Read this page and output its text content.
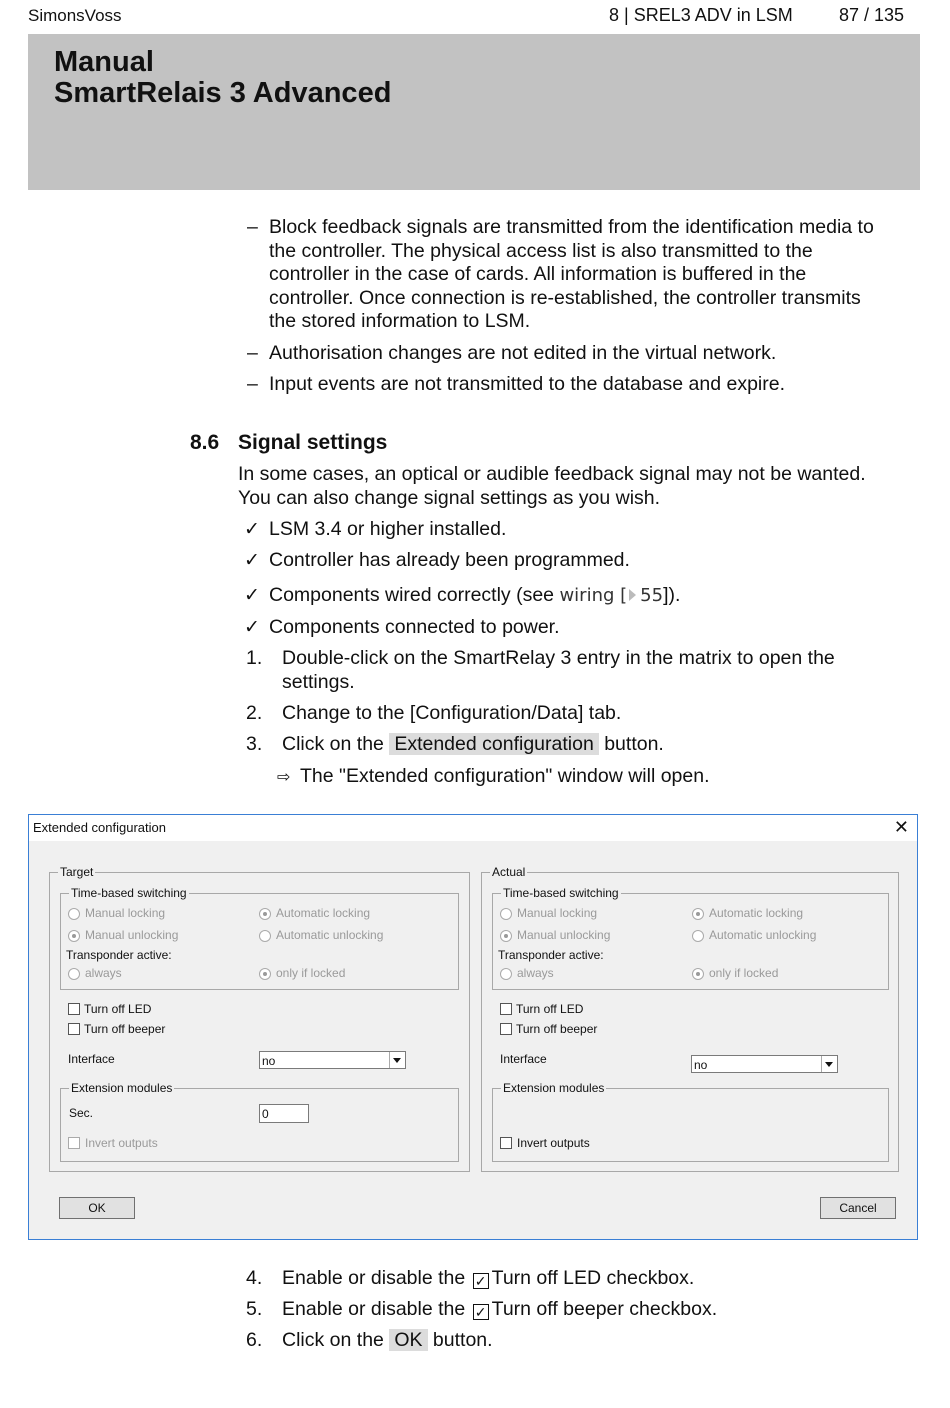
SimonsVoss	8 | SREL3 ADV in LSM	87 / 135
Manual
SmartRelais 3 Advanced
– Block feedback signals are transmitted from the identification media to
the controller. The physical access list is also transmitted to the
controller in the case of cards. All information is buffered in the
controller. Once connection is re-established, the controller transmits
the stored information to LSM.
– Authorisation changes are not edited in the virtual network.
– Input events are not transmitted to the database and expire.
8.6 Signal settings
In some cases, an optical or audible feedback signal may not be wanted.
You can also change signal settings as you wish.
✓ LSM 3.4 or higher installed.
✓ Controller has already been programmed.
✓ Components wired correctly (see wiring [ 55]).
✓ Components connected to power.
1. Double-click on the SmartRelay 3 entry in the matrix to open the
settings.
2. Change to the [Configuration/Data] tab.
3. Click on the Extended configuration button.
⇨ The "Extended configuration" window will open.
Extended configuration	✕
Target
Time-based switching
Manual locking	Automatic locking
Manual unlocking	Automatic unlocking
Transponder active:
always	only if locked
Turn off LED
Turn off beeper
Interface	no
Extension modules
Sec.	0
Invert outputs
Actual
Time-based switching
Manual locking	Automatic locking
Manual unlocking	Automatic unlocking
Transponder active:
always	only if locked
Turn off LED
Turn off beeper
Interface	no
Extension modules
Invert outputs
OK	Cancel
4. Enable or disable the ✓ Turn off LED checkbox.
5. Enable or disable the ✓ Turn off beeper checkbox.
6. Click on the OK button.
